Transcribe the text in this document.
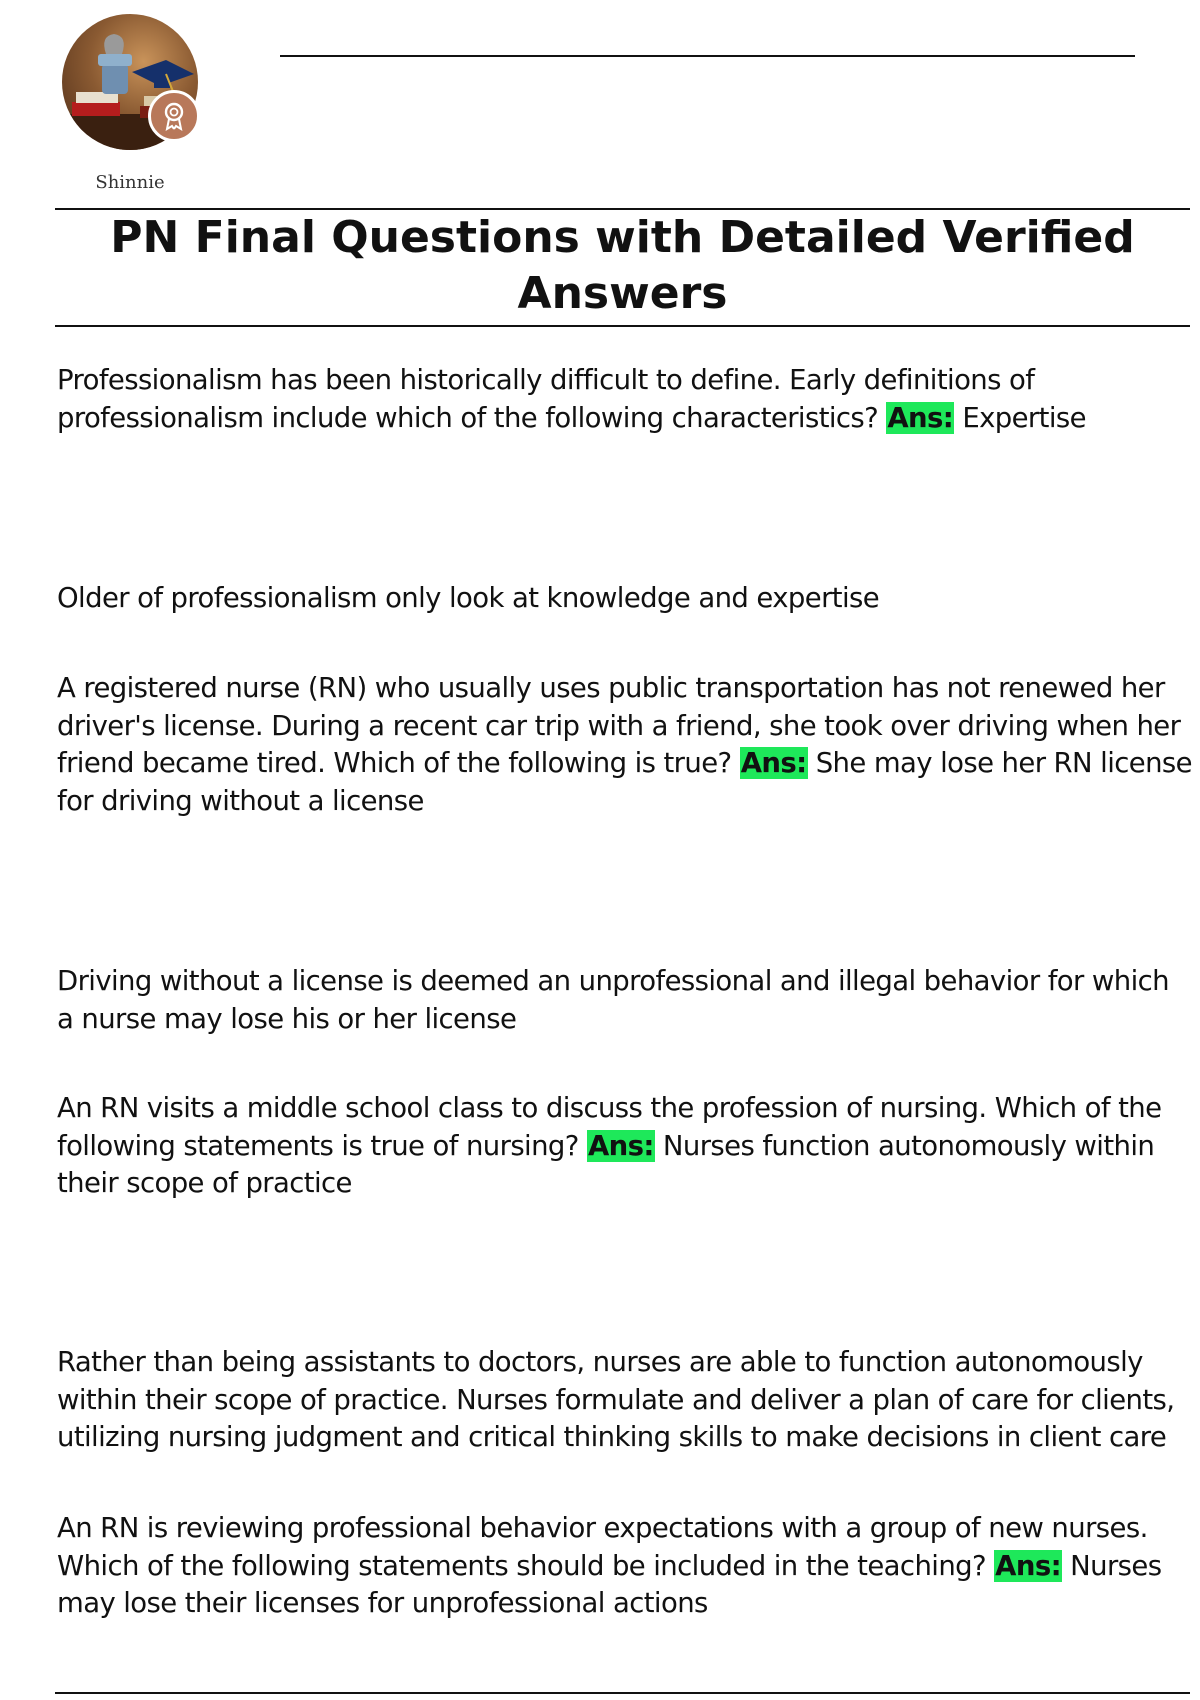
Shinnie
PN Final Questions with Detailed Verified Answers

Professionalism has been historically difficult to define. Early definitions of professionalism include which of the following characteristics? Ans: Expertise

Older of professionalism only look at knowledge and expertise

A registered nurse (RN) who usually uses public transportation has not renewed her driver's license. During a recent car trip with a friend, she took over driving when her friend became tired. Which of the following is true? Ans: She may lose her RN license for driving without a license

Driving without a license is deemed an unprofessional and illegal behavior for which a nurse may lose his or her license

An RN visits a middle school class to discuss the profession of nursing. Which of the following statements is true of nursing? Ans: Nurses function autonomously within their scope of practice

Rather than being assistants to doctors, nurses are able to function autonomously within their scope of practice. Nurses formulate and deliver a plan of care for clients, utilizing nursing judgment and critical thinking skills to make decisions in client care

An RN is reviewing professional behavior expectations with a group of new nurses. Which of the following statements should be included in the teaching? Ans: Nurses may lose their licenses for unprofessional actions
